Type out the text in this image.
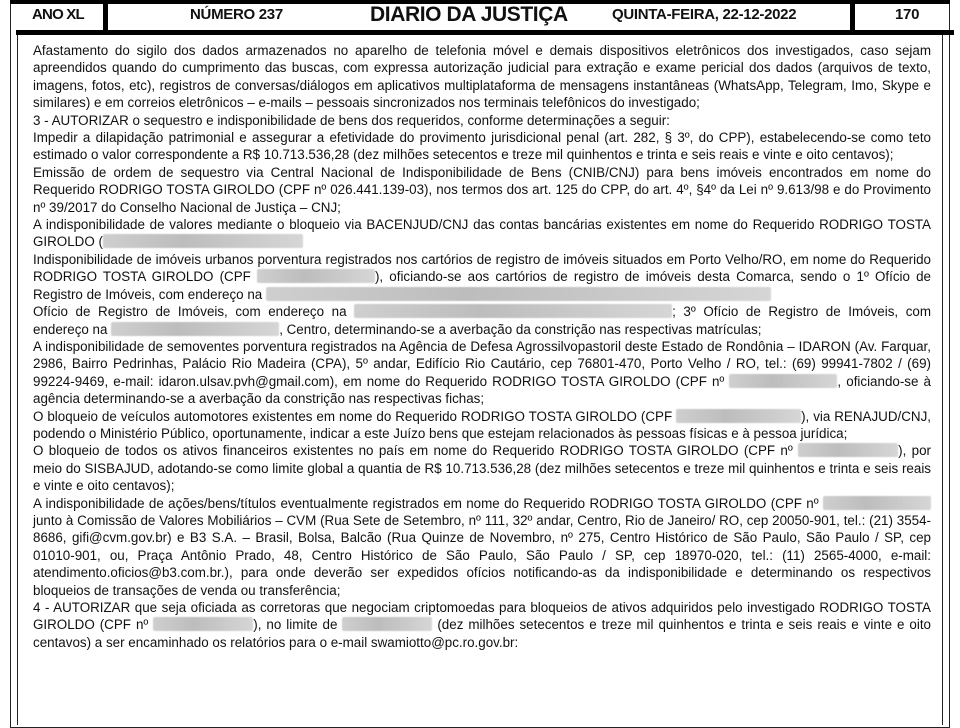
ANO XL	NÚMERO 237	DIARIO DA JUSTIÇA	QUINTA-FEIRA, 22-12-2022	170

Afastamento do sigilo dos dados armazenados no aparelho de telefonia móvel e demais dispositivos eletrônicos dos investigados, caso sejam apreendidos quando do cumprimento das buscas, com expressa autorização judicial para extração e exame pericial dos dados (arquivos de texto, imagens, fotos, etc), registros de conversas/diálogos em aplicativos multiplataforma de mensagens instantâneas (WhatsApp, Telegram, Imo, Skype e similares) e em correios eletrônicos – e-mails – pessoais sincronizados nos terminais telefônicos do investigado;

3 - AUTORIZAR o sequestro e indisponibilidade de bens dos requeridos, conforme determinações a seguir:

Impedir a dilapidação patrimonial e assegurar a efetividade do provimento jurisdicional penal (art. 282, § 3º, do CPP), estabelecendo-se como teto estimado o valor correspondente a R$ 10.713.536,28 (dez milhões setecentos e treze mil quinhentos e trinta e seis reais e vinte e oito centavos);

Emissão de ordem de sequestro via Central Nacional de Indisponibilidade de Bens (CNIB/CNJ) para bens imóveis encontrados em nome do Requerido RODRIGO TOSTA GIROLDO (CPF nº 026.441.139-03), nos termos dos art. 125 do CPP, do art. 4º, §4º da Lei nº 9.613/98 e do Provimento nº 39/2017 do Conselho Nacional de Justiça – CNJ;

A indisponibilidade de valores mediante o bloqueio via BACENJUD/CNJ das contas bancárias existentes em nome do Requerido RODRIGO TOSTA GIROLDO (

Indisponibilidade de imóveis urbanos porventura registrados nos cartórios de registro de imóveis situados em Porto Velho/RO, em nome do Requerido RODRIGO TOSTA GIROLDO (CPF	), oficiando-se aos cartórios de registro de imóveis desta Comarca, sendo o 1º Ofício de Registro de Imóveis, com endereço na
Ofício de Registro de Imóveis, com endereço na	; 3º Ofício de Registro de Imóveis, com endereço na	, Centro, determinando-se a averbação da constrição nas respectivas matrículas;

A indisponibilidade de semoventes porventura registrados na Agência de Defesa Agrossilvopastoril deste Estado de Rondônia – IDARON (Av. Farquar, 2986, Bairro Pedrinhas, Palácio Rio Madeira (CPA), 5º andar, Edifício Rio Cautário, cep 76801-470, Porto Velho / RO, tel.: (69) 99941-7802 / (69) 99224-9469, e-mail: idaron.ulsav.pvh@gmail.com), em nome do Requerido RODRIGO TOSTA GIROLDO (CPF nº	, oficiando-se à agência determinando-se a averbação da constrição nas respectivas fichas;

O bloqueio de veículos automotores existentes em nome do Requerido RODRIGO TOSTA GIROLDO (CPF	), via RENAJUD/CNJ, podendo o Ministério Público, oportunamente, indicar a este Juízo bens que estejam relacionados às pessoas físicas e à pessoa jurídica;

O bloqueio de todos os ativos financeiros existentes no país em nome do Requerido RODRIGO TOSTA GIROLDO (CPF nº	), por meio do SISBAJUD, adotando-se como limite global a quantia de R$ 10.713.536,28 (dez milhões setecentos e treze mil quinhentos e trinta e seis reais e vinte e oito centavos);

A indisponibilidade de ações/bens/títulos eventualmente registrados em nome do Requerido RODRIGO TOSTA GIROLDO (CPF nº  junto à Comissão de Valores Mobiliários – CVM (Rua Sete de Setembro, nº 111, 32º andar, Centro, Rio de Janeiro/ RO, cep 20050-901, tel.: (21) 3554-8686, gifi@cvm.gov.br) e B3 S.A. – Brasil, Bolsa, Balcão (Rua Quinze de Novembro, nº 275, Centro Histórico de São Paulo, São Paulo / SP, cep 01010-901, ou, Praça Antônio Prado, 48, Centro Histórico de São Paulo, São Paulo / SP, cep 18970-020, tel.: (11) 2565-4000, e-mail: atendimento.oficios@b3.com.br.), para onde deverão ser expedidos ofícios notificando-as da indisponibilidade e determinando os respectivos bloqueios de transações de venda ou transferência;

4 - AUTORIZAR que seja oficiada as corretoras que negociam criptomoedas para bloqueios de ativos adquiridos pelo investigado RODRIGO TOSTA GIROLDO (CPF nº	), no limite de	(dez milhões setecentos e treze mil quinhentos e trinta e seis reais e vinte e oito centavos) a ser encaminhado os relatórios para o e-mail swamiotto@pc.ro.gov.br:
